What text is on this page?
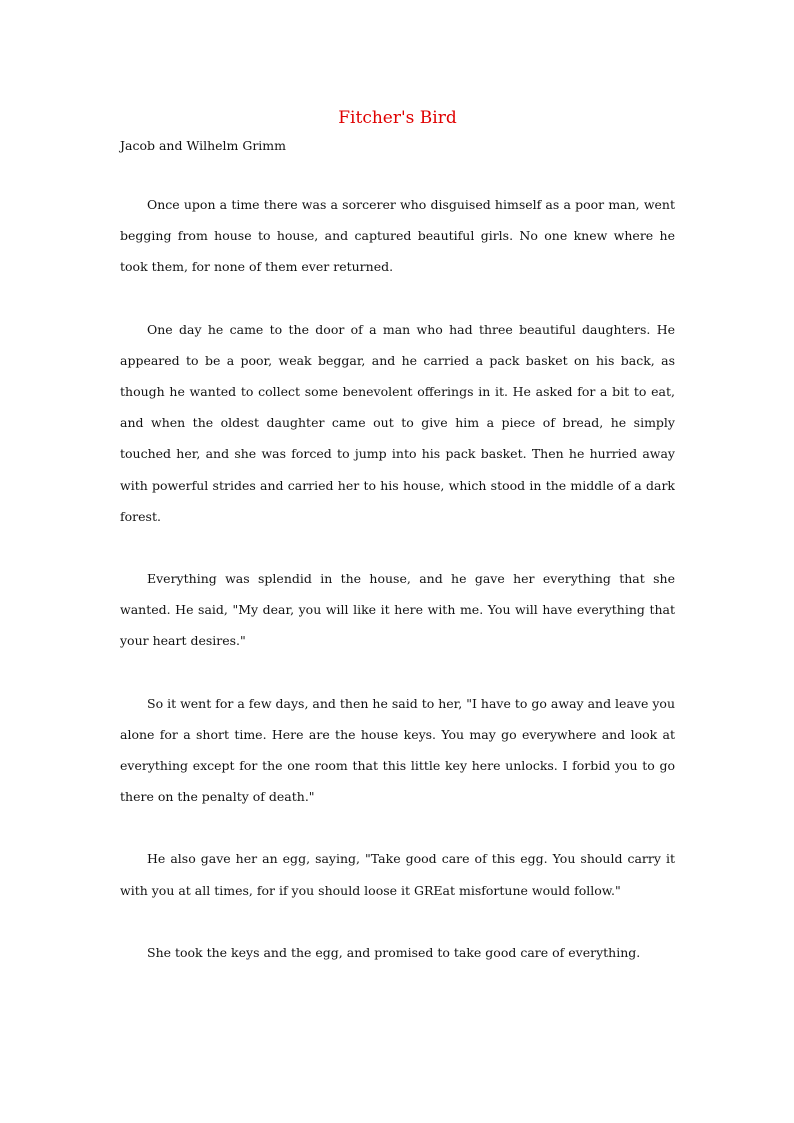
Fitcher's Bird
Jacob and Wilhelm Grimm

Once upon a time there was a sorcerer who disguised himself as a poor man, went begging from house to house, and captured beautiful girls. No one knew where he took them, for none of them ever returned.

One day he came to the door of a man who had three beautiful daughters. He appeared to be a poor, weak beggar, and he carried a pack basket on his back, as though he wanted to collect some benevolent offerings in it. He asked for a bit to eat, and when the oldest daughter came out to give him a piece of bread, he simply touched her, and she was forced to jump into his pack basket. Then he hurried away with powerful strides and carried her to his house, which stood in the middle of a dark forest.

Everything was splendid in the house, and he gave her everything that she wanted. He said, "My dear, you will like it here with me. You will have everything that your heart desires."

So it went for a few days, and then he said to her, "I have to go away and leave you alone for a short time. Here are the house keys. You may go everywhere and look at everything except for the one room that this little key here unlocks. I forbid you to go there on the penalty of death."

He also gave her an egg, saying, "Take good care of this egg. You should carry it with you at all times, for if you should loose it GREat misfortune would follow."

She took the keys and the egg, and promised to take good care of everything.
